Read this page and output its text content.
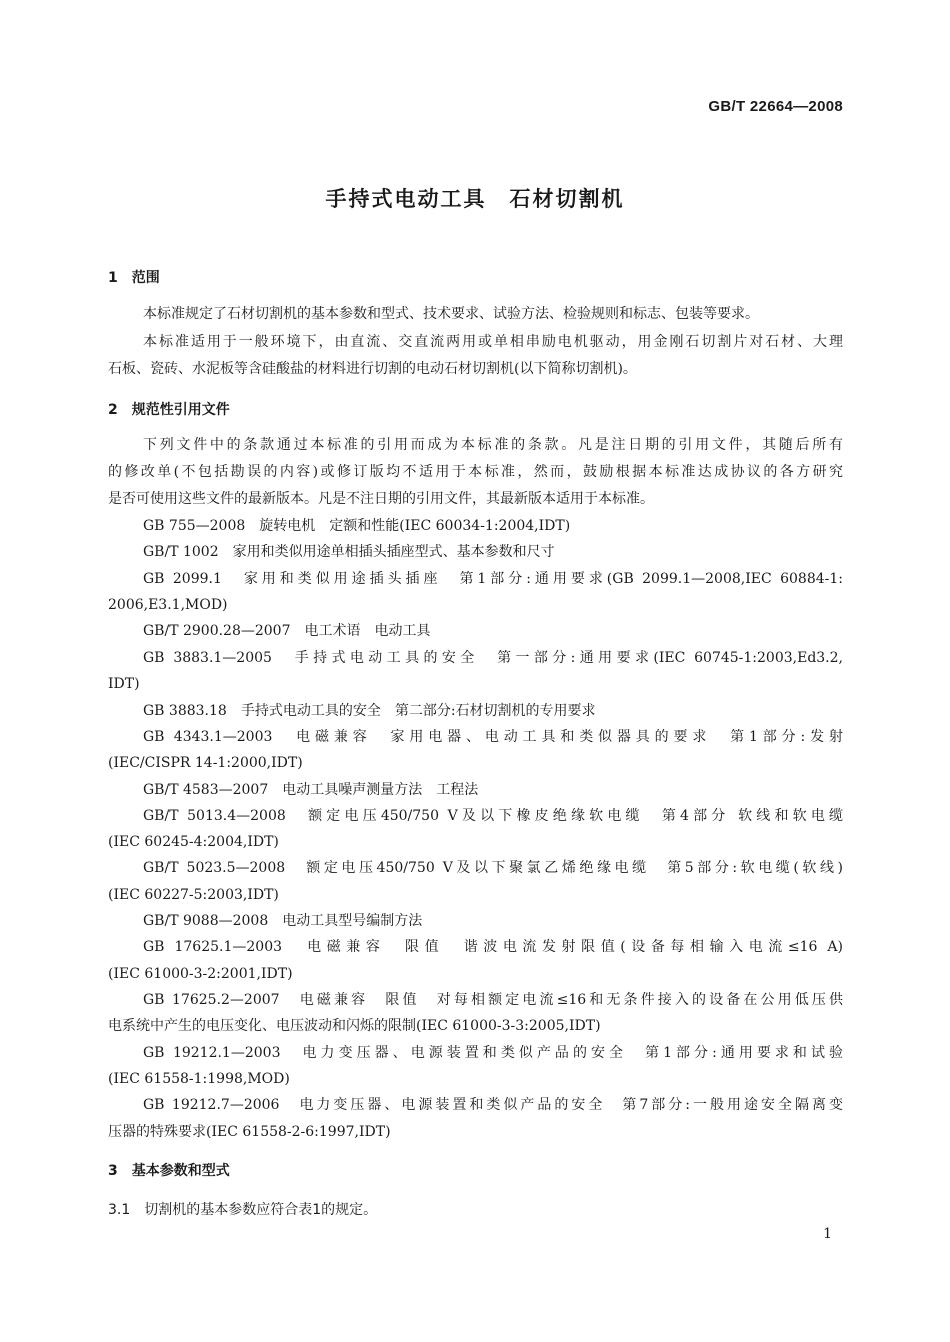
GB/T 22664—2008
手持式电动工具　石材切割机
1　范围
本标准规定了石材切割机的基本参数和型式、技术要求、试验方法、检验规则和标志、包装等要求。
本标准适用于一般环境下，由直流、交直流两用或单相串励电机驱动，用金刚石切割片对石材、大理
石板、瓷砖、水泥板等含硅酸盐的材料进行切割的电动石材切割机(以下简称切割机)。
2　规范性引用文件
下列文件中的条款通过本标准的引用而成为本标准的条款。凡是注日期的引用文件，其随后所有
的修改单(不包括勘误的内容)或修订版均不适用于本标准，然而，鼓励根据本标准达成协议的各方研究
是否可使用这些文件的最新版本。凡是不注日期的引用文件，其最新版本适用于本标准。
GB 755—2008　旋转电机　定额和性能(IEC 60034-1:2004,IDT)
GB/T 1002　家用和类似用途单相插头插座型式、基本参数和尺寸
GB 2099.1　家用和类似用途插头插座　第1部分:通用要求(GB 2099.1—2008,IEC 60884-1:
2006,E3.1,MOD)
GB/T 2900.28—2007　电工术语　电动工具
GB 3883.1—2005　手持式电动工具的安全　第一部分:通用要求(IEC 60745-1:2003,Ed3.2,
IDT)
GB 3883.18　手持式电动工具的安全　第二部分:石材切割机的专用要求
GB 4343.1—2003　电磁兼容　家用电器、电动工具和类似器具的要求　第1部分:发射
(IEC/CISPR 14-1:2000,IDT)
GB/T 4583—2007　电动工具噪声测量方法　工程法
GB/T 5013.4—2008　额定电压450/750 V及以下橡皮绝缘软电缆　第4部分 软线和软电缆
(IEC 60245-4:2004,IDT)
GB/T 5023.5—2008　额定电压450/750 V及以下聚氯乙烯绝缘电缆　第5部分:软电缆(软线)
(IEC 60227-5:2003,IDT)
GB/T 9088—2008　电动工具型号编制方法
GB 17625.1—2003　电磁兼容　限值　谐波电流发射限值(设备每相输入电流≤16 A)
(IEC 61000-3-2:2001,IDT)
GB 17625.2—2007　电磁兼容　限值　对每相额定电流≤16和无条件接入的设备在公用低压供
电系统中产生的电压变化、电压波动和闪烁的限制(IEC 61000-3-3:2005,IDT)
GB 19212.1—2003　电力变压器、电源装置和类似产品的安全　第1部分:通用要求和试验
(IEC 61558-1:1998,MOD)
GB 19212.7—2006　电力变压器、电源装置和类似产品的安全　第7部分:一般用途安全隔离变
压器的特殊要求(IEC 61558-2-6:1997,IDT)
3　基本参数和型式
3.1　切割机的基本参数应符合表1的规定。
1
